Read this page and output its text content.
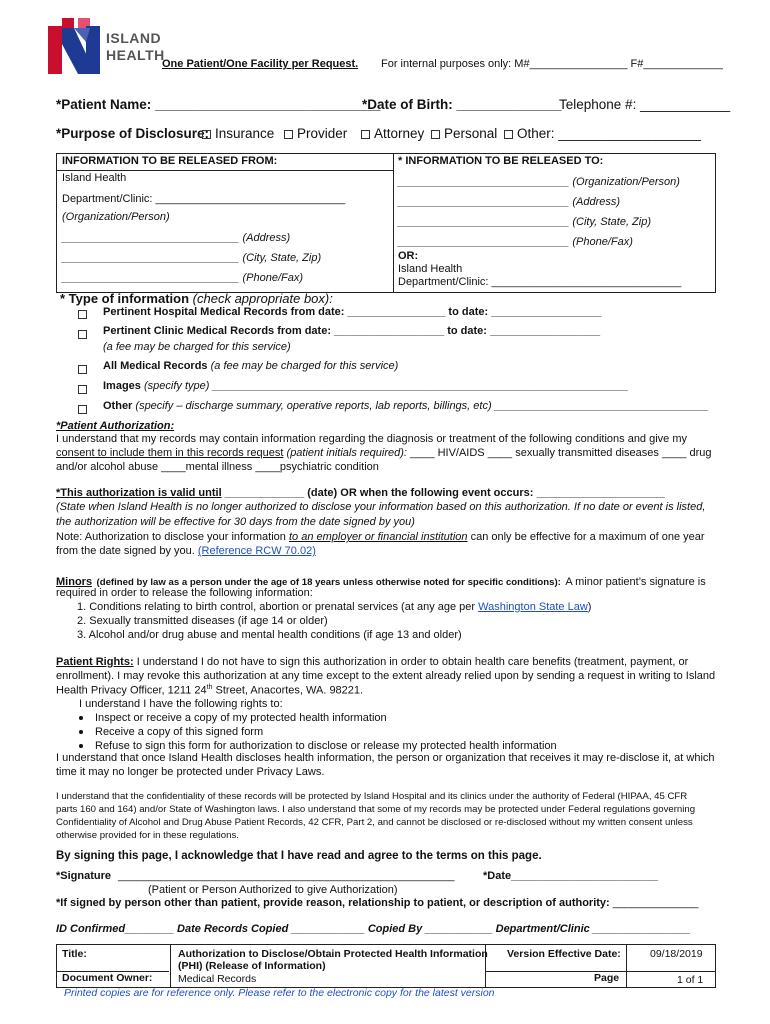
ISLAND
HEALTH
One Patient/One Facility per Request. For internal purposes only: M#________________ F#_____________
*Patient Name: ______________________________
*Date of Birth: ______________
Telephone #: ____________
*Purpose of Disclosure: Insurance	Provider	Attorney	Personal	Other: ___________________
INFORMATION TO BE RELEASED FROM:
Island Health
Department/Clinic: _______________________________
(Organization/Person)
_____________________________ (Address)
_____________________________ (City, State, Zip)
_____________________________ (Phone/Fax)
* INFORMATION TO BE RELEASED TO:
____________________________ (Organization/Person)
____________________________ (Address)
____________________________ (City, State, Zip)
____________________________ (Phone/Fax)
OR:
Island Health
Department/Clinic: _______________________________
* Type of information (check appropriate box):
Pertinent Hospital Medical Records from date: ________________ to date: __________________
Pertinent Clinic Medical Records from date: __________________ to date: __________________
(a fee may be charged for this service)
All Medical Records (a fee may be charged for this service)
Images (specify type) ____________________________________________________________________
Other (specify – discharge summary, operative reports, lab reports, billings, etc) ___________________________________
*Patient Authorization:
I understand that my records may contain information regarding the diagnosis or treatment of the following conditions and give my
consent to include them in this records request (patient initials required): ____ HIV/AIDS ____ sexually transmitted diseases ____ drug
and/or alcohol abuse ____mental illness ____psychiatric condition
*This authorization is valid until _____________ (date) OR when the following event occurs: _____________________
(State when Island Health is no longer authorized to disclose your information based on this authorization. If no date or event is listed,
the authorization will be effective for 30 days from the date signed by you)
Note: Authorization to disclose your information to an employer or financial institution can only be effective for a maximum of one year
from the date signed by you. (Reference RCW 70.02)
Minors (defined by law as a person under the age of 18 years unless otherwise noted for specific conditions): A minor patient’s signature is
required in order to release the following information:
1. Conditions relating to birth control, abortion or prenatal services (at any age per Washington State Law)
2. Sexually transmitted diseases (if age 14 or older)
3. Alcohol and/or drug abuse and mental health conditions (if age 13 and older)
Patient Rights: I understand I do not have to sign this authorization in order to obtain health care benefits (treatment, payment, or
enrollment). I may revoke this authorization at any time except to the extent already relied upon by sending a request in writing to Island
Health Privacy Officer, 1211 24th Street, Anacortes, WA. 98221.
I understand I have the following rights to:
Inspect or receive a copy of my protected health information
Receive a copy of this signed form
Refuse to sign this form for authorization to disclose or release my protected health information
I understand that once Island Health discloses health information, the person or organization that receives it may re-disclose it, at which
time it may no longer be protected under Privacy Laws.
I understand that the confidentiality of these records will be protected by Island Hospital and its clinics under the authority of Federal (HIPAA, 45 CFR
parts 160 and 164) and/or State of Washington laws. I also understand that some of my records may be protected under Federal regulations governing
Confidentiality of Alcohol and Drug Abuse Patient Records, 42 CFR, Part 2, and cannot be disclosed or re-disclosed without my written consent unless
otherwise provided for in these regulations.
By signing this page, I acknowledge that I have read and agree to the terms on this page.
*Signature _______________________________________________________	*Date________________________
(Patient or Person Authorized to give Authorization)
*If signed by person other than patient, provide reason, relationship to patient, or description of authority: ______________
ID Confirmed________ Date Records Copied ____________ Copied By ___________ Department/Clinic ________________
Title:	Authorization to Disclose/Obtain Protected Health Information
(PHI) (Release of Information)
Version Effective Date:	09/18/2019
Document Owner: Medical Records	Page	1 of 1
Printed copies are for reference only. Please refer to the electronic copy for the latest version
